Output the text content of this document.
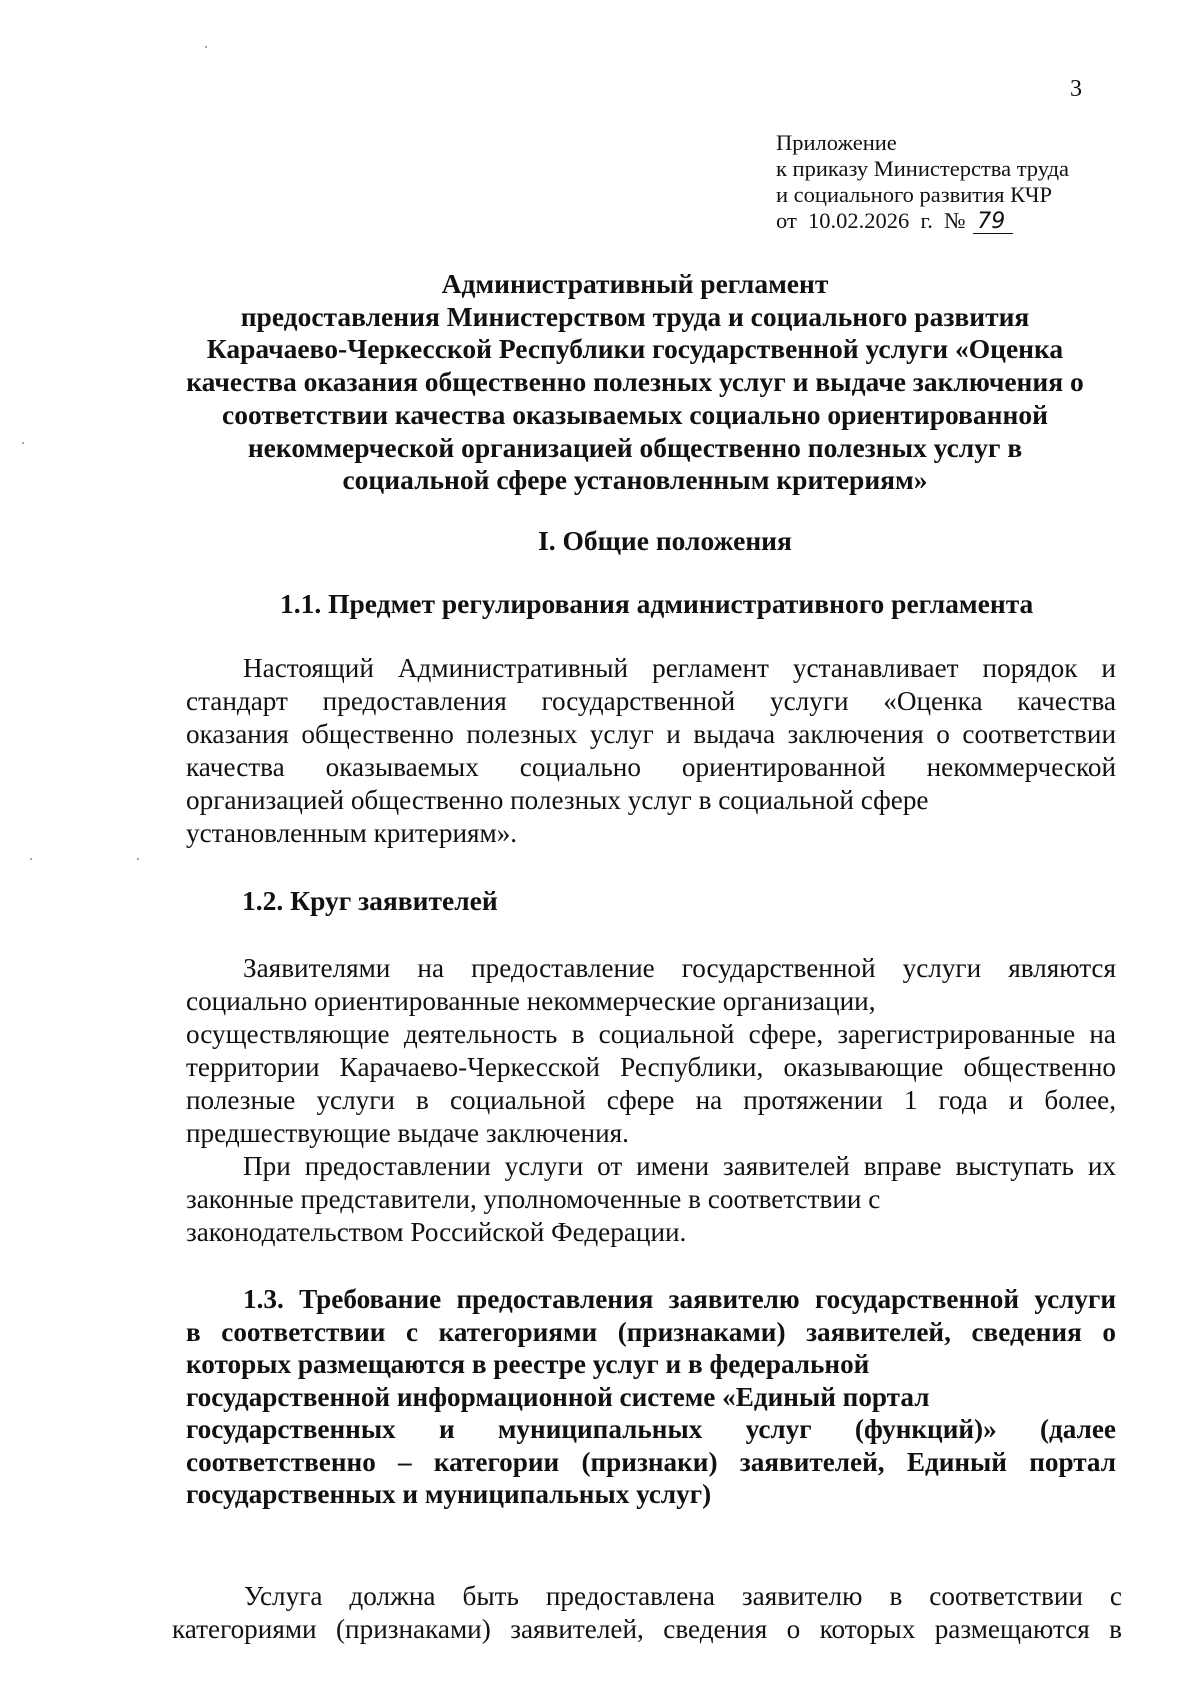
3
Приложение
к приказу Министерства труда
и социального развития КЧР
от  10.02.2026  г.  № 79
Административный регламент
предоставления Министерством труда и социального развития
Карачаево-Черкесской Республики государственной услуги «Оценка
качества оказания общественно полезных услуг и выдаче заключения о
соответствии качества оказываемых социально ориентированной
некоммерческой организацией общественно полезных услуг в
социальной сфере установленным критериям»
I. Общие положения
1.1. Предмет регулирования административного регламента
Настоящий Административный регламент устанавливает порядок и
стандарт предоставления государственной услуги «Оценка качества
оказания общественно полезных услуг и выдача заключения о соответствии
качества оказываемых социально ориентированной некоммерческой
организацией общественно полезных услуг в социальной сфере
установленным критериям».
1.2. Круг заявителей
Заявителями на предоставление государственной услуги являются
социально ориентированные некоммерческие организации,
осуществляющие деятельность в социальной сфере, зарегистрированные на
территории Карачаево-Черкесской Республики, оказывающие общественно
полезные услуги в социальной сфере на протяжении 1 года и более,
предшествующие выдаче заключения.
При предоставлении услуги от имени заявителей вправе выступать их
законные представители, уполномоченные в соответствии с
законодательством Российской Федерации.
1.3. Требование предоставления заявителю государственной услуги
в соответствии с категориями (признаками) заявителей, сведения о
которых размещаются в реестре услуг и в федеральной
государственной информационной системе «Единый портал
государственных и муниципальных услуг (функций)» (далее
соответственно – категории (признаки) заявителей, Единый портал
государственных и муниципальных услуг)
Услуга должна быть предоставлена заявителю в соответствии с
категориями (признаками) заявителей, сведения о которых размещаются в
